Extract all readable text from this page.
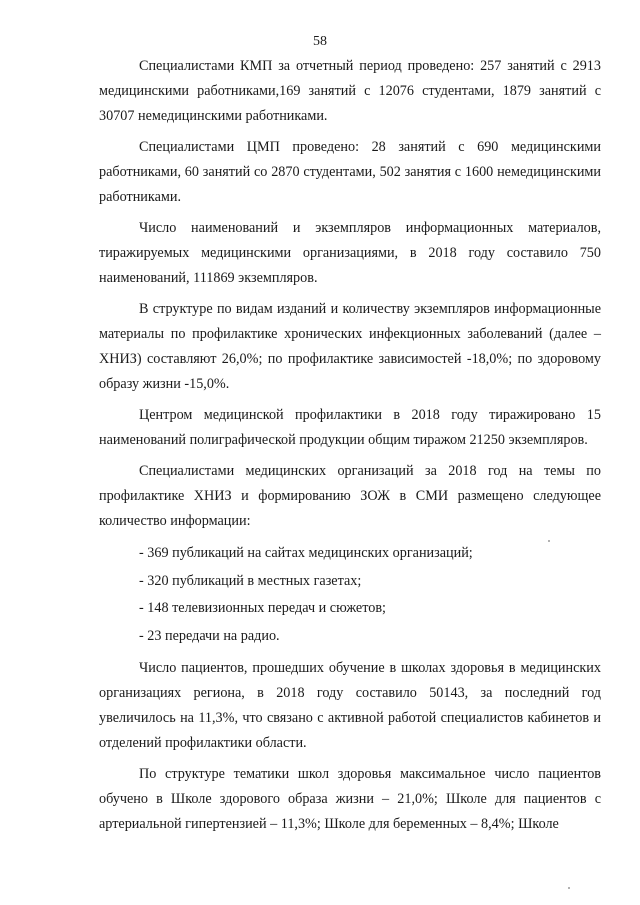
58

Специалистами КМП за отчетный период проведено: 257 занятий с 2913 медицинскими работниками,169 занятий с 12076 студентами, 1879 занятий с 30707 немедицинскими работниками.

Специалистами ЦМП проведено: 28 занятий с 690 медицинскими работниками, 60 занятий со 2870 студентами, 502 занятия с 1600 немедицинскими работниками.

Число наименований и экземпляров информационных материалов, тиражируемых медицинскими организациями, в 2018 году составило 750 наименований, 111869 экземпляров.

В структуре по видам изданий и количеству экземпляров информационные материалы по профилактике хронических инфекционных заболеваний (далее – ХНИЗ) составляют 26,0%; по профилактике зависимостей -18,0%; по здоровому образу жизни -15,0%.

Центром медицинской профилактики в 2018 году тиражировано 15 наименований полиграфической продукции общим тиражом 21250 экземпляров.

Специалистами медицинских организаций за 2018 год на темы по профилактике ХНИЗ и формированию ЗОЖ в СМИ размещено следующее количество информации:

- 369 публикаций на сайтах медицинских организаций;
- 320 публикаций в местных газетах;
- 148 телевизионных передач и сюжетов;
- 23 передачи на радио.

Число пациентов, прошедших обучение в школах здоровья в медицинских организациях региона, в 2018 году составило 50143, за последний год увеличилось на 11,3%, что связано с активной работой специалистов кабинетов и отделений профилактики области.

По структуре тематики школ здоровья максимальное число пациентов обучено в Школе здорового образа жизни – 21,0%; Школе для пациентов с артериальной гипертензией – 11,3%; Школе для беременных – 8,4%; Школе
